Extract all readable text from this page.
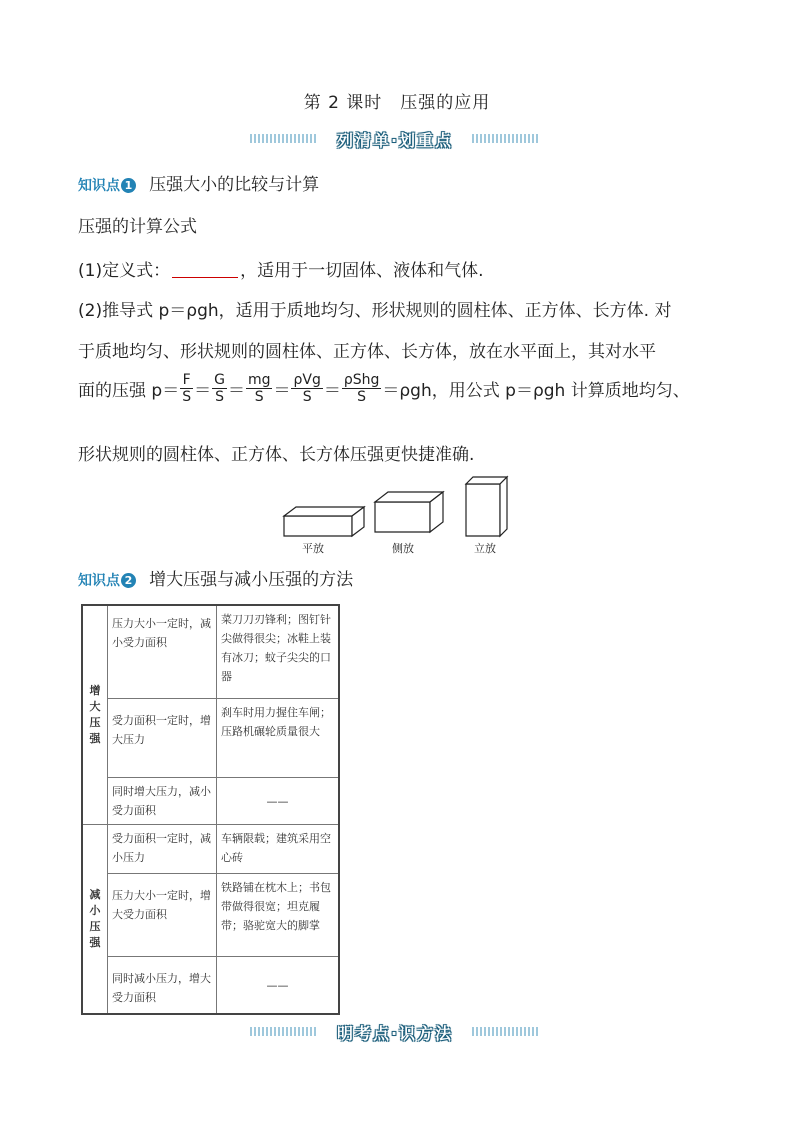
第 2 课时　压强的应用
列清单·划重点
知识点 1 压强大小的比较与计算
压强的计算公式
(1)定义式：	，适用于一切固体、液体和气体.
(2)推导式 p＝ρgh，适用于质地均匀、形状规则的圆柱体、正方体、长方体. 对
于质地均匀、形状规则的圆柱体、正方体、长方体，放在水平面上，其对水平
面的压强 $p= \frac{F}{S} = \frac{G}{S} = \frac{mg}{S} = \frac{\text{ρVg}}{S} = \frac{\text{ρShg}}{S} =\rho gh$，用公式 p＝ρgh 计算质地均匀、
形状规则的圆柱体、正方体、长方体压强更快捷准确.
平放	侧放	立放
知识点 2 增大压强与减小压强的方法
增大压强	压力大小一定时，减小受力面积	菜刀刀刃锋利；图钉针尖做得很尖；冰鞋上装有冰刀；蚊子尖尖的口器
	受力面积一定时，增大压力	刹车时用力握住车闸；压路机碾轮质量很大
	同时增大压力，减小受力面积	——
减小压强	受力面积一定时，减小压力	车辆限载；建筑采用空心砖
	压力大小一定时，增大受力面积	铁路铺在枕木上；书包带做得很宽；坦克履带；骆驼宽大的脚掌
	同时减小压力，增大受力面积	——
明考点·识方法
